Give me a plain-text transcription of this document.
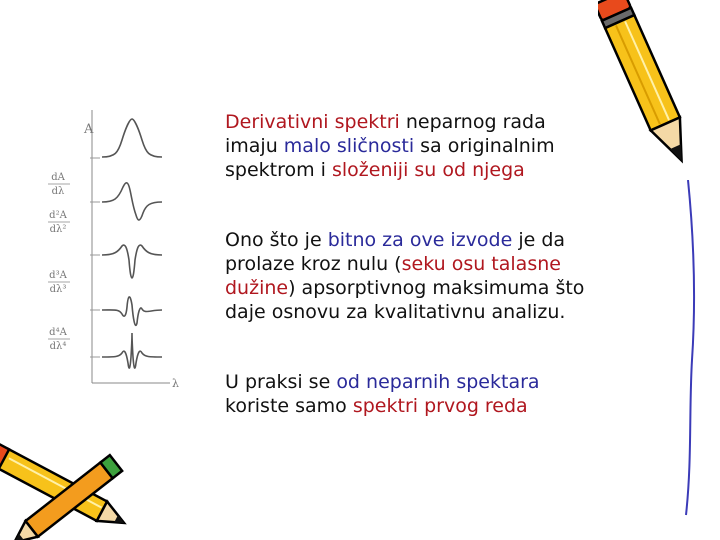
A
λ
dA
dλ
d²A
dλ²
d³A
dλ³
d⁴A
dλ⁴
Derivativni spektri neparnog rada
imaju malo sličnosti sa originalnim
spektrom i složeniji su od njega
Ono što je bitno za ove izvode je da
prolaze kroz nulu (seku osu talasne
dužine) apsorptivnog maksimuma što
daje osnovu za kvalitativnu analizu.
U praksi se od neparnih spektara
koriste samo spektri prvog reda
